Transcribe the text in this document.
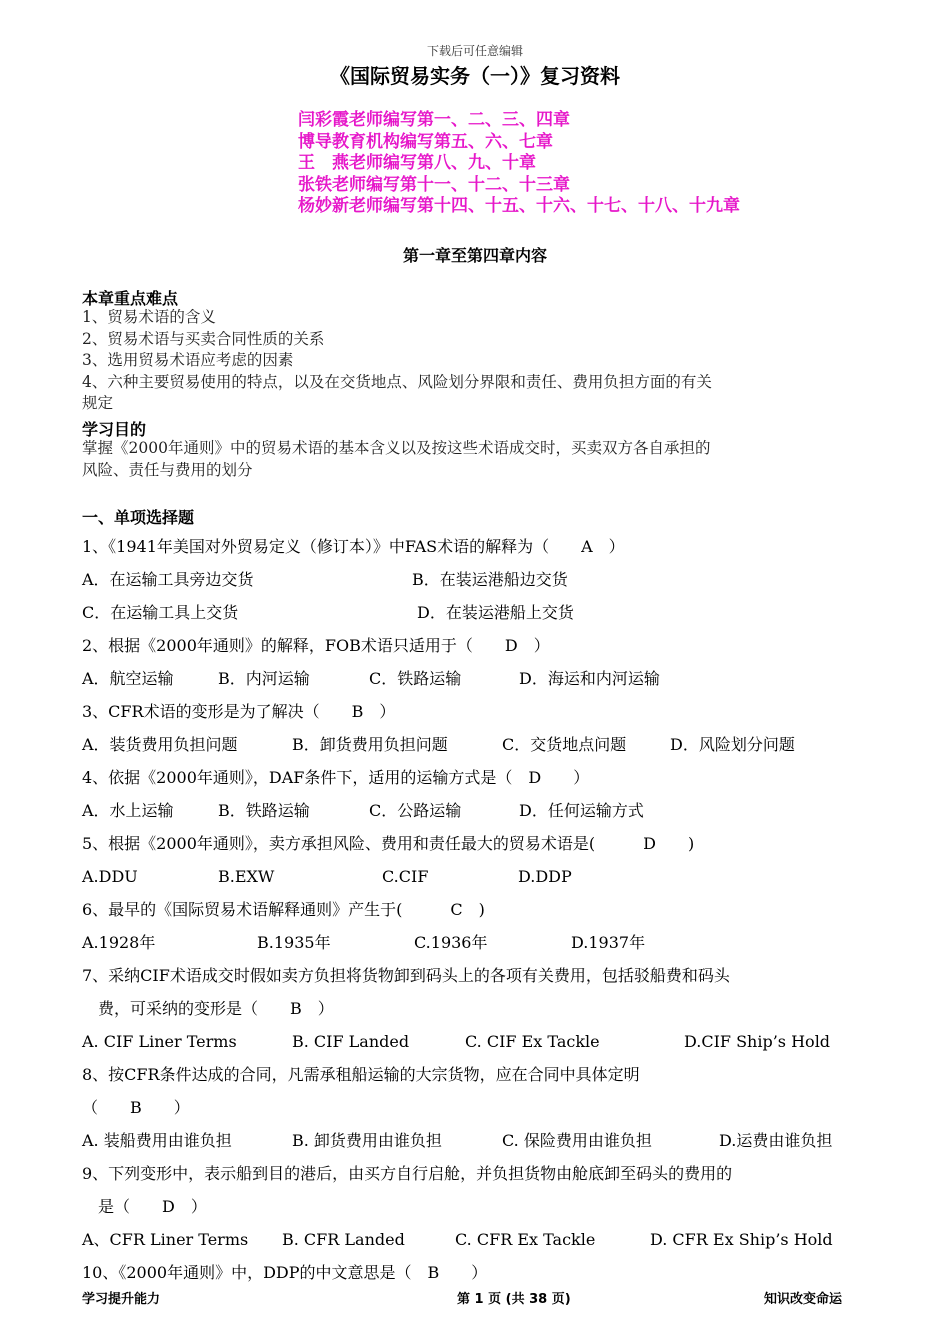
下载后可任意编辑
《国际贸易实务（一）》复习资料
闫彩霞老师编写第一、二、三、四章
博导教育机构编写第五、六、七章
王　燕老师编写第八、九、十章
张铁老师编写第十一、十二、十三章
杨妙新老师编写第十四、十五、十六、十七、十八、十九章
第一章至第四章内容
本章重点难点
1、贸易术语的含义
2、贸易术语与买卖合同性质的关系
3、选用贸易术语应考虑的因素
4、六种主要贸易使用的特点，以及在交货地点、风险划分界限和责任、费用负担方面的有关
规定
学习目的
掌握《2000年通则》中的贸易术语的基本含义以及按这些术语成交时，买卖双方各自承担的
风险、责任与费用的划分
一、单项选择题
1、《1941年美国对外贸易定义（修订本）》中FAS术语的解释为（　　A　）
A．在运输工具旁边交货	B．在装运港船边交货
C．在运输工具上交货	D．在装运港船上交货
2、根据《2000年通则》的解释，FOB术语只适用于（　　D　）
A．航空运输	B．内河运输	C．铁路运输	D．海运和内河运输
3、CFR术语的变形是为了解决（　　B　）
A．装货费用负担问题	B．卸货费用负担问题	C．交货地点问题	D．风险划分问题
4、依据《2000年通则》，DAF条件下，适用的运输方式是（　D　　）
A．水上运输	B．铁路运输	C．公路运输	D．任何运输方式
5、根据《2000年通则》，卖方承担风险、费用和责任最大的贸易术语是(　　　D　　)
A.DDU	B.EXW	C.CIF	D.DDP
6、最早的《国际贸易术语解释通则》产生于(　　　C　)
A.1928年	B.1935年	C.1936年	D.1937年
7、采纳CIF术语成交时假如卖方负担将货物卸到码头上的各项有关费用，包括驳船费和码头
　费，可采纳的变形是（　　B　）
A. CIF Liner Terms	B. CIF Landed	C. CIF Ex Tackle	D.CIF Ship’s Hold
8、按CFR条件达成的合同，凡需承租船运输的大宗货物，应在合同中具体定明
（　　B　　）
A. 装船费用由谁负担	B. 卸货费用由谁负担	C. 保险费用由谁负担	D.运费由谁负担
9、下列变形中，表示船到目的港后，由买方自行启舱，并负担货物由舱底卸至码头的费用的
　是（　　D　）
A、CFR Liner Terms B. CFR Landed	C. CFR Ex Tackle	D. CFR Ex Ship’s Hold
10、《2000年通则》中，DDP的中文意思是（　B　　）
学习提升能力	第 1 页 (共 38 页)	知识改变命运
